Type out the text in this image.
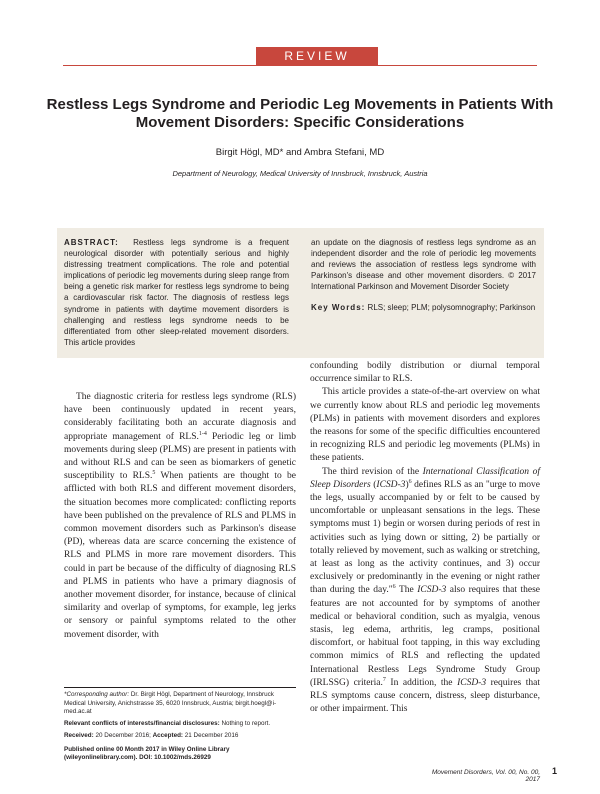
REVIEW
Restless Legs Syndrome and Periodic Leg Movements in Patients With
Movement Disorders: Specific Considerations
Birgit Högl, MD* and Ambra Stefani, MD
Department of Neurology, Medical University of Innsbruck, Innsbruck, Austria
ABSTRACT: Restless legs syndrome is a frequent neurological disorder with potentially serious and highly distressing treatment complications. The role and potential implications of periodic leg movements during sleep range from being a genetic risk marker for restless legs syndrome to being a cardiovascular risk factor. The diagnosis of restless legs syndrome in patients with daytime movement disorders is challenging and restless legs syndrome needs to be differentiated from other sleep-related movement disorders. This article provides
an update on the diagnosis of restless legs syndrome as an independent disorder and the role of periodic leg movements and reviews the association of restless legs syndrome with Parkinson's disease and other movement disorders. © 2017 International Parkinson and Movement Disorder Society
Key Words: RLS; sleep; PLM; polysomnography; Parkinson

The diagnostic criteria for restless legs syndrome (RLS) have been continuously updated in recent years, considerably facilitating both an accurate diagnosis and appropriate management of RLS.$^{1-4}$ Periodic leg or limb movements during sleep (PLMS) are present in patients with and without RLS and can be seen as biomarkers of genetic susceptibility to RLS.$^5$ When patients are thought to be afflicted with both RLS and different movement disorders, the situation becomes more complicated: conflicting reports have been published on the prevalence of RLS and PLMS in common movement disorders such as Parkinson's disease (PD), whereas data are scarce concerning the existence of RLS and PLMS in more rare movement disorders. This could in part be because of the difficulty of diagnosing RLS and PLMS in patients who have a primary diagnosis of another movement disorder, for instance, because of clinical similarity and overlap of symptoms, for example, leg jerks or sensory or painful symptoms related to the other movement disorder, with

confounding bodily distribution or diurnal temporal occurrence similar to RLS.

This article provides a state-of-the-art overview on what we currently know about RLS and periodic leg movements (PLMs) in patients with movement disorders and explores the reasons for some of the specific difficulties encountered in recognizing RLS and periodic leg movements (PLMs) in these patients.

The third revision of the International Classification of Sleep Disorders (ICSD-3)$^6$ defines RLS as an "urge to move the legs, usually accompanied by or felt to be caused by uncomfortable or unpleasant sensations in the legs. These symptoms must 1) begin or worsen during periods of rest in activities such as lying down or sitting, 2) be partially or totally relieved by movement, such as walking or stretching, at least as long as the activity continues, and 3) occur exclusively or predominantly in the evening or night rather than during the day."$^6$ The ICSD-3 also requires that these features are not accounted for by symptoms of another medical or behavioral condition, such as myalgia, venous stasis, leg edema, arthritis, leg cramps, positional discomfort, or habitual foot tapping, in this way excluding common mimics of RLS and reflecting the updated International Restless Legs Syndrome Study Group (IRLSSG) criteria.$^7$ In addition, the ICSD-3 requires that RLS symptoms cause concern, distress, sleep disturbance, or other impairment. This

*Corresponding author: Dr. Birgit Högl, Department of Neurology, Innsbruck Medical University, Anichstrasse 35, 6020 Innsbruck, Austria; birgit.hoegl@i-med.ac.at
Relevant conflicts of interests/financial disclosures: Nothing to report.
Received: 20 December 2016; Accepted: 21 December 2016
Published online 00 Month 2017 in Wiley Online Library (wileyonlinelibrary.com). DOI: 10.1002/mds.26929
Movement Disorders, Vol. 00, No. 00, 2017
1
